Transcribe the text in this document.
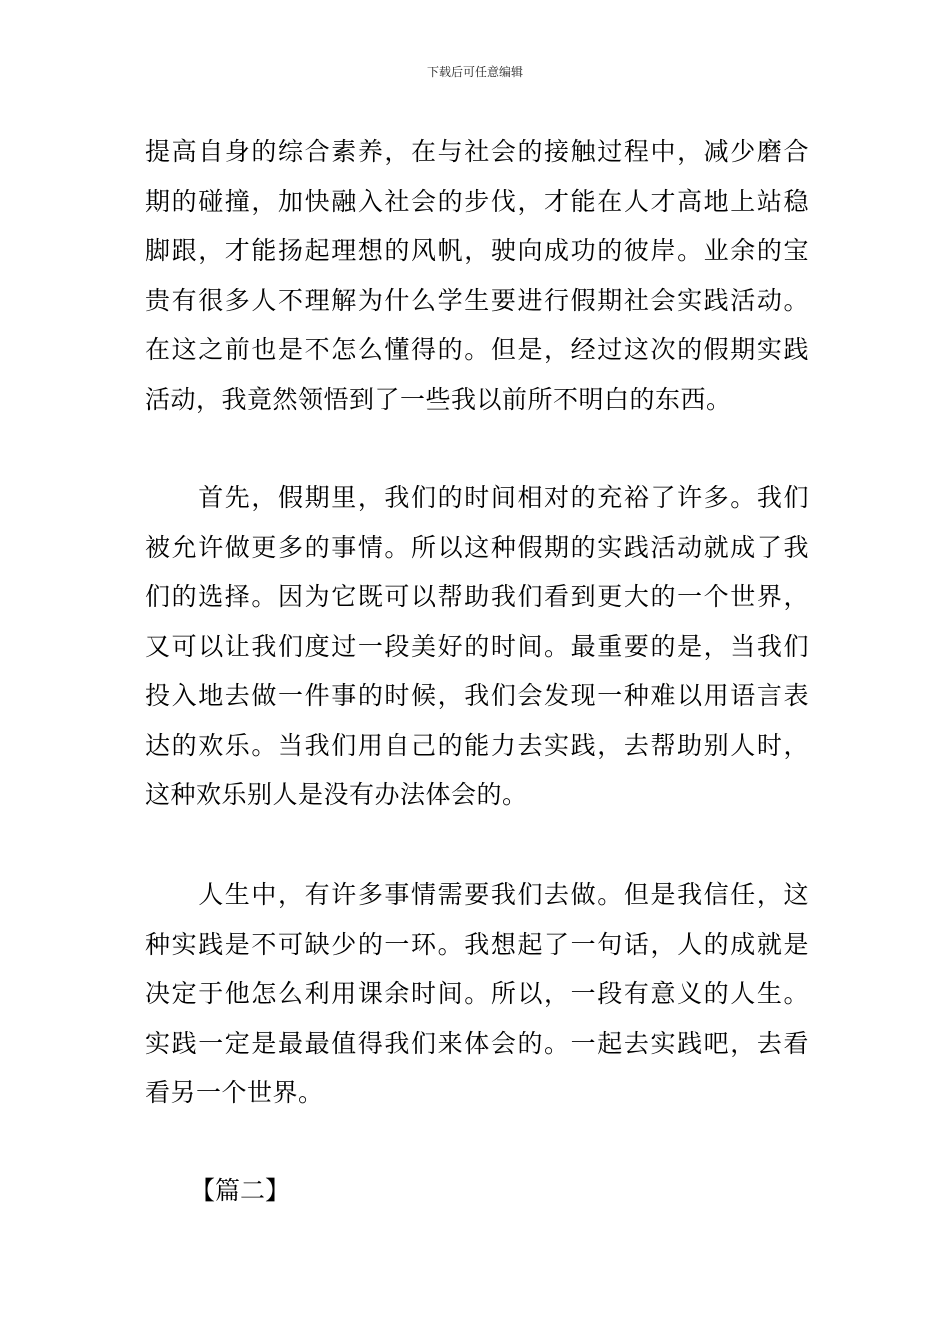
下载后可任意编辑
提高自身的综合素养，在与社会的接触过程中，减少磨合
期的碰撞，加快融入社会的步伐，才能在人才高地上站稳
脚跟，才能扬起理想的风帆，驶向成功的彼岸。业余的宝
贵有很多人不理解为什么学生要进行假期社会实践活动。
在这之前也是不怎么懂得的。但是，经过这次的假期实践
活动，我竟然领悟到了一些我以前所不明白的东西。
　　首先，假期里，我们的时间相对的充裕了许多。我们
被允许做更多的事情。所以这种假期的实践活动就成了我
们的选择。因为它既可以帮助我们看到更大的一个世界，
又可以让我们度过一段美好的时间。最重要的是，当我们
投入地去做一件事的时候，我们会发现一种难以用语言表
达的欢乐。当我们用自己的能力去实践，去帮助别人时，
这种欢乐别人是没有办法体会的。
　　人生中，有许多事情需要我们去做。但是我信任，这
种实践是不可缺少的一环。我想起了一句话，人的成就是
决定于他怎么利用课余时间。所以，一段有意义的人生。
实践一定是最最值得我们来体会的。一起去实践吧，去看
看另一个世界。
【篇二】
